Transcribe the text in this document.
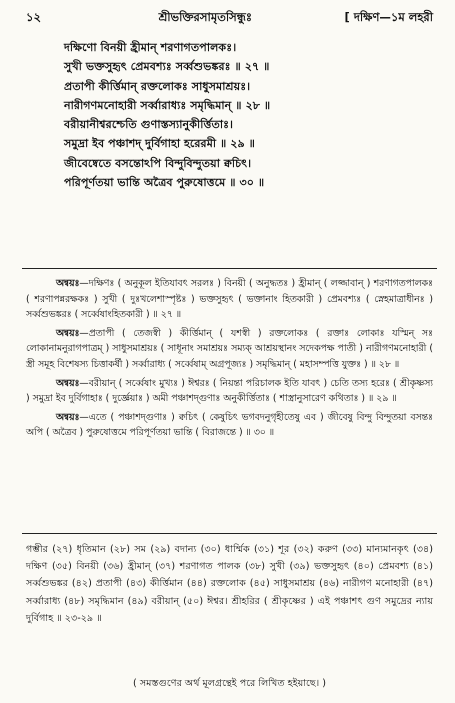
১২	শ্রীভক্তিরসামৃতসিন্ধুঃ
[	দক্ষিণ—১ম লহরী
দক্ষিণো বিনয়ী হ্রীমান্ শরণাগতপালকঃ।
সুখী ভক্তসুহৃৎ প্রেমবশ্যঃ সর্ব্বশুভঙ্করঃ ॥ ২৭ ॥
প্রতাপী কীর্ত্তিমান্ রক্তলোকঃ সাধুসমাশ্রয়ঃ।
নারীগণমনোহারী সর্ব্বারাধ্যঃ সমৃদ্ধিমান্ ॥ ২৮ ॥
বরীয়ানীশ্বরশ্চেতি গুণাস্তস্যানুকীর্ত্তিতাঃ।
সমুদ্রা ইব পঞ্চাশদ্ দুর্বিগাহা হরেরমী ॥ ২৯ ॥
জীবেষ্বেতে বসন্তোঽপি বিন্দুবিন্দুতয়া ক্বচিৎ।
পরিপূর্ণতয়া ভান্তি অত্রৈব পুরুষোত্তমে ॥ ৩০ ॥

অন্বয়ঃ—দক্ষিণঃ ( অনুকূল ইতিযাবৎ সরলঃ ) বিনয়ী ( অনুদ্ধতঃ ) হ্রীমান্ ( লজ্জাবান্ ) শরণাগতপালকঃ ( শরণাপন্নরক্ষকঃ ) সুখী ( দুঃখলেশাস্পৃষ্টঃ ) ভক্তসুহৃৎ ( ভক্তানাং হিতকারী ) প্রেমবশ্যঃ ( স্নেহমাত্রাধীনঃ ) সর্ব্বশুভঙ্করঃ ( সর্ব্বেষাংহিতকারী ) ॥ ২৭ ॥

অন্বয়ঃ—প্রতাপী ( তেজস্বী ) কীর্ত্তিমান্ ( যশস্বী ) রক্তলোকঃ ( রক্তাঃ লোকাঃ যস্মিন্ সঃ লোকানামনুরাগপাত্রম্ ) সাধুসমাশ্রয়ঃ ( সাধূনাং সমাশ্রয়ঃ সম্যক্ আশ্রয়স্থানং সদেকপক্ষ পাতী ) নারীগণমনোহারী ( স্ত্রী সমূহ বিশেষস্য চিত্তাকর্ষী ) সর্ব্বারাধ্য ( সর্ব্বেষাম্ অগ্রপূজ্যঃ ) সমৃদ্ধিমান্ ( মহাসম্পত্তি যুক্তঃ ) ॥ ২৮ ॥

অন্বয়ঃ—বরীয়ান্ ( সর্ব্বেষাং মুখ্যঃ ) ঈশ্বরঃ ( নিয়ন্তা পরিচালক ইতি যাবৎ ) চেতি তস্য হরেঃ ( শ্রীকৃষ্ণস্য ) সমুদ্রা ইব দুর্বিগাহাঃ ( দুর্জ্ঞেয়াঃ ) অমী পঞ্চাশদ্গুণাঃ অনুকীর্ত্তিতাঃ ( শাস্ত্রানুসারেণ কথিতাঃ ) ॥ ২৯ ॥

অন্বয়ঃ—এতে ( পঞ্চাশদ্গুণাঃ ) ক্বচিৎ ( কেষুচিৎ ভগবদনুগৃহীতেষু এব ) জীবেষু বিন্দু বিন্দুতয়া বসন্তঃ অপি ( অত্রৈব ) পুরুষোত্তমে পরিপূর্ণতয়া ভান্তি ( বিরাজন্তে ) ॥ ৩০ ॥

গম্ভীর (২৭) ধৃতিমান (২৮) সম (২৯) বদান্য (৩০) ধার্ম্মিক (৩১) শূর (৩২) করুণ (৩৩) মান্যমানকৃৎ (৩৪) দক্ষিণ (৩৫) বিনয়ী (৩৬) হ্রীমান্ (৩৭) শরণাগত পালক (৩৮) সুখী (৩৯) ভক্তসুহৃৎ (৪০) প্রেমবশ্য (৪১) সর্ব্বশুভঙ্কর (৪২) প্রতাপী (৪৩) কীর্ত্তিমান (৪৪) রক্তলোক (৪৫) সাধুসমাশ্রয় (৪৬) নারীগণ মনোহারী (৪৭) সর্ব্বারাধ্য (৪৮) সমৃদ্ধিমান (৪৯) বরীয়ান্ (৫০) ঈশ্বর। শ্রীহরির ( শ্রীকৃষ্ণের ) এই পঞ্চাশৎ গুণ সমুদ্রের ন্যায় দুর্বিগাহ ॥ ২৩-২৯ ॥
( সমস্তগুণের অর্থ মূলগ্রন্থেই পরে লিখিত হইয়াছে। )
